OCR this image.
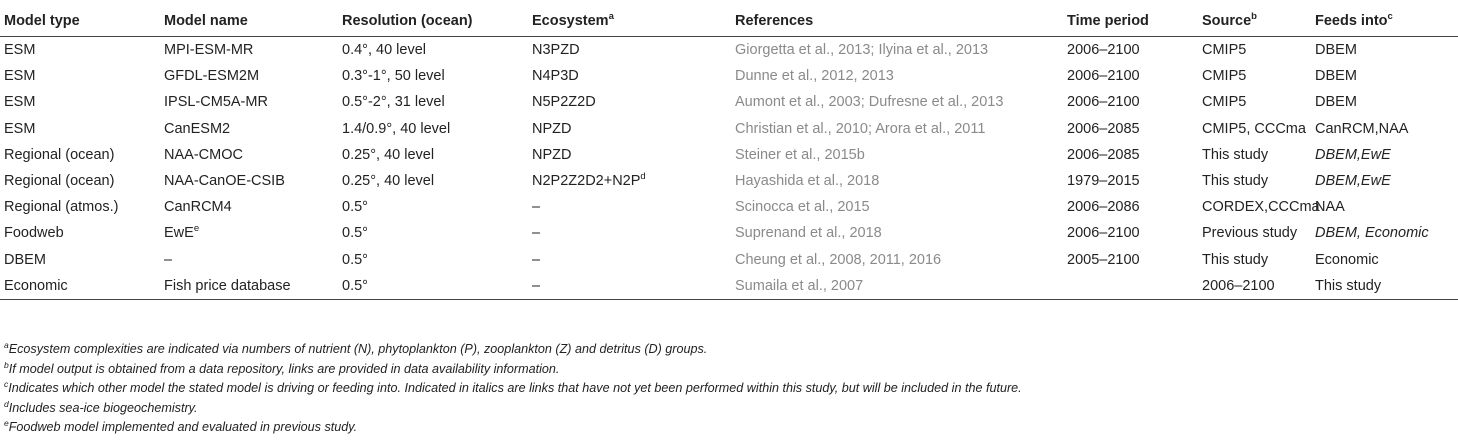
Model type	Model name	Resolution (ocean)	Ecosystem$^a$	References	Time period	Source$^b$	Feeds into$^c$
ESM	MPI-ESM-MR	0.4°, 40 level	N3PZD	Giorgetta et al., 2013; Ilyina et al., 2013	2006–2100	CMIP5	DBEM
ESM	GFDL-ESM2M	0.3°-1°, 50 level	N4P3D	Dunne et al., 2012, 2013	2006–2100	CMIP5	DBEM
ESM	IPSL-CM5A-MR	0.5°-2°, 31 level	N5P2Z2D	Aumont et al., 2003; Dufresne et al., 2013	2006–2100	CMIP5	DBEM
ESM	CanESM2	1.4/0.9°, 40 level	NPZD	Christian et al., 2010; Arora et al., 2011	2006–2085	CMIP5, CCCma	CanRCM,NAA
Regional (ocean)	NAA-CMOC	0.25°, 40 level	NPZD	Steiner et al., 2015b	2006–2085	This study	DBEM,EwE
Regional (ocean)	NAA-CanOE-CSIB	0.25°, 40 level	$N2P2Z2D2+N2P^d$	Hayashida et al., 2018	1979–2015	This study	DBEM,EwE
Regional (atmos.)	CanRCM4	0.5°	–	Scinocca et al., 2015	2006–2086	CORDEX,CCCma	NAA
Foodweb	EwE$^e$	0.5°	–	Suprenand et al., 2018	2006–2100	Previous study	DBEM, Economic
DBEM	–	0.5°	–	Cheung et al., 2008, 2011, 2016	2005–2100	This study	Economic
Economic	Fish price database	0.5°	–	Sumaila et al., 2007		2006–2100	This study
$^a$Ecosystem complexities are indicated via numbers of nutrient (N), phytoplankton (P), zooplankton (Z) and detritus (D) groups.
$^b$If model output is obtained from a data repository, links are provided in data availability information.
$^c$Indicates which other model the stated model is driving or feeding into. Indicated in italics are links that have not yet been performed within this study, but will be included in the future.
$^d$Includes sea-ice biogeochemistry.
$^e$Foodweb model implemented and evaluated in previous study.
